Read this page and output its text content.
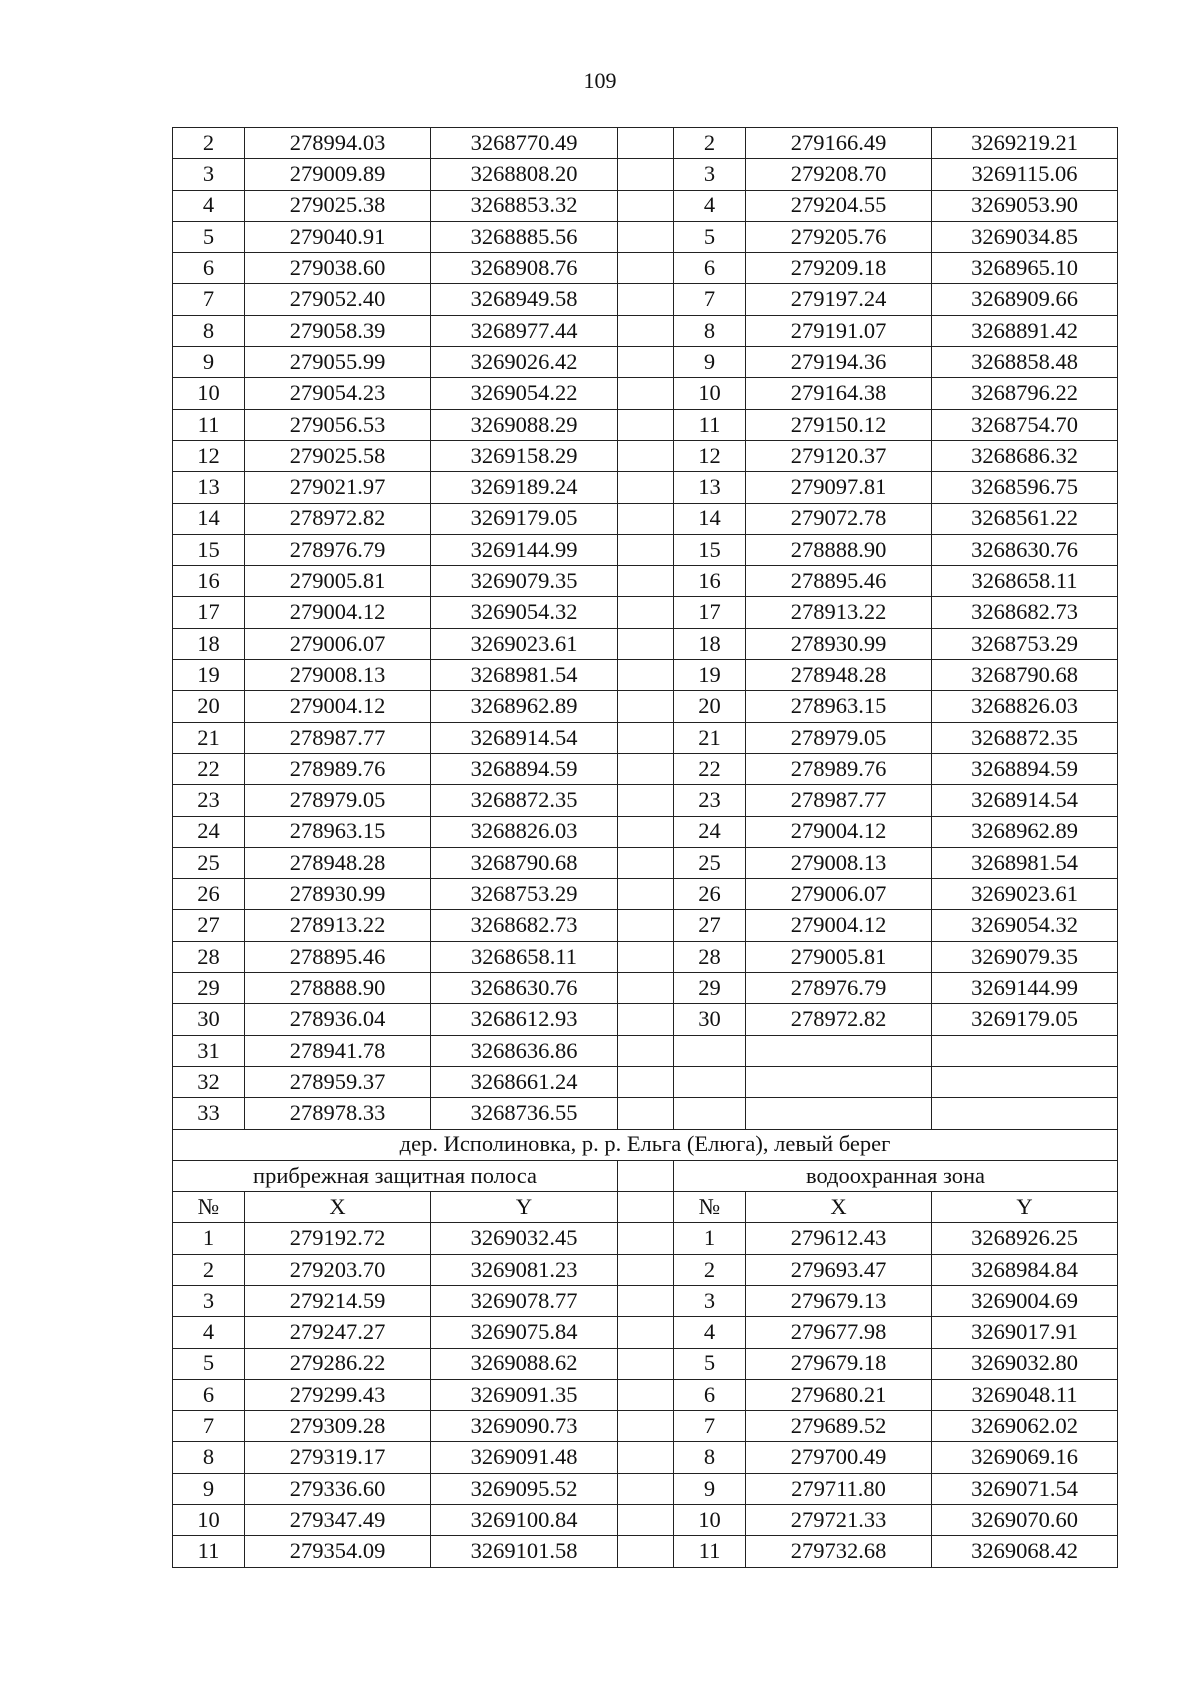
109
2	278994.03	3268770.49		2	279166.49	3269219.21
3	279009.89	3268808.20		3	279208.70	3269115.06
4	279025.38	3268853.32		4	279204.55	3269053.90
5	279040.91	3268885.56		5	279205.76	3269034.85
6	279038.60	3268908.76		6	279209.18	3268965.10
7	279052.40	3268949.58		7	279197.24	3268909.66
8	279058.39	3268977.44		8	279191.07	3268891.42
9	279055.99	3269026.42		9	279194.36	3268858.48
10	279054.23	3269054.22		10	279164.38	3268796.22
11	279056.53	3269088.29		11	279150.12	3268754.70
12	279025.58	3269158.29		12	279120.37	3268686.32
13	279021.97	3269189.24		13	279097.81	3268596.75
14	278972.82	3269179.05		14	279072.78	3268561.22
15	278976.79	3269144.99		15	278888.90	3268630.76
16	279005.81	3269079.35		16	278895.46	3268658.11
17	279004.12	3269054.32		17	278913.22	3268682.73
18	279006.07	3269023.61		18	278930.99	3268753.29
19	279008.13	3268981.54		19	278948.28	3268790.68
20	279004.12	3268962.89		20	278963.15	3268826.03
21	278987.77	3268914.54		21	278979.05	3268872.35
22	278989.76	3268894.59		22	278989.76	3268894.59
23	278979.05	3268872.35		23	278987.77	3268914.54
24	278963.15	3268826.03		24	279004.12	3268962.89
25	278948.28	3268790.68		25	279008.13	3268981.54
26	278930.99	3268753.29		26	279006.07	3269023.61
27	278913.22	3268682.73		27	279004.12	3269054.32
28	278895.46	3268658.11		28	279005.81	3269079.35
29	278888.90	3268630.76		29	278976.79	3269144.99
30	278936.04	3268612.93		30	278972.82	3269179.05
31	278941.78	3268636.86				
32	278959.37	3268661.24				
33	278978.33	3268736.55				
дер. Исполиновка, р. р. Ельга (Елюга), левый берег						
прибрежная защитная полоса				водоохранная зона		
№	X	Y		№	X	Y
1	279192.72	3269032.45		1	279612.43	3268926.25
2	279203.70	3269081.23		2	279693.47	3268984.84
3	279214.59	3269078.77		3	279679.13	3269004.69
4	279247.27	3269075.84		4	279677.98	3269017.91
5	279286.22	3269088.62		5	279679.18	3269032.80
6	279299.43	3269091.35		6	279680.21	3269048.11
7	279309.28	3269090.73		7	279689.52	3269062.02
8	279319.17	3269091.48		8	279700.49	3269069.16
9	279336.60	3269095.52		9	279711.80	3269071.54
10	279347.49	3269100.84		10	279721.33	3269070.60
11	279354.09	3269101.58		11	279732.68	3269068.42
